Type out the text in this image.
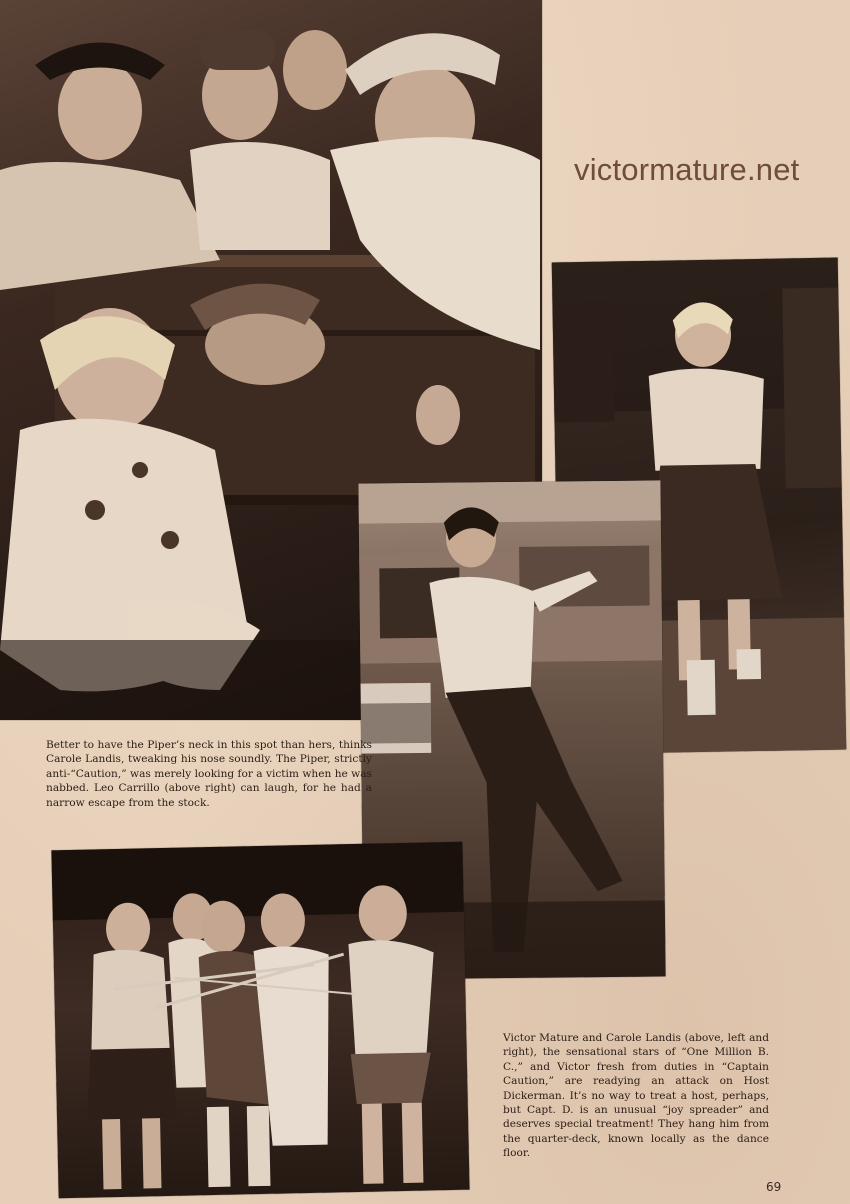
victormature.net

Better to have the Piper’s neck in this spot than hers, thinks Carole Landis, tweaking his nose soundly. The Piper, strictly anti-“Caution,” was merely looking for a victim when he was nabbed. Leo Carrillo (above right) can laugh, for he had a narrow escape from the stock.

Victor Mature and Carole Landis (above, left and right), the sensational stars of “One Million B. C.,” and Victor fresh from duties in “Captain Caution,” are readying an attack on Host Dickerman. It’s no way to treat a host, perhaps, but Capt. D. is an unusual “joy spreader” and deserves special treatment! They hang him from the quarter-deck, known locally as the dance floor.

69
